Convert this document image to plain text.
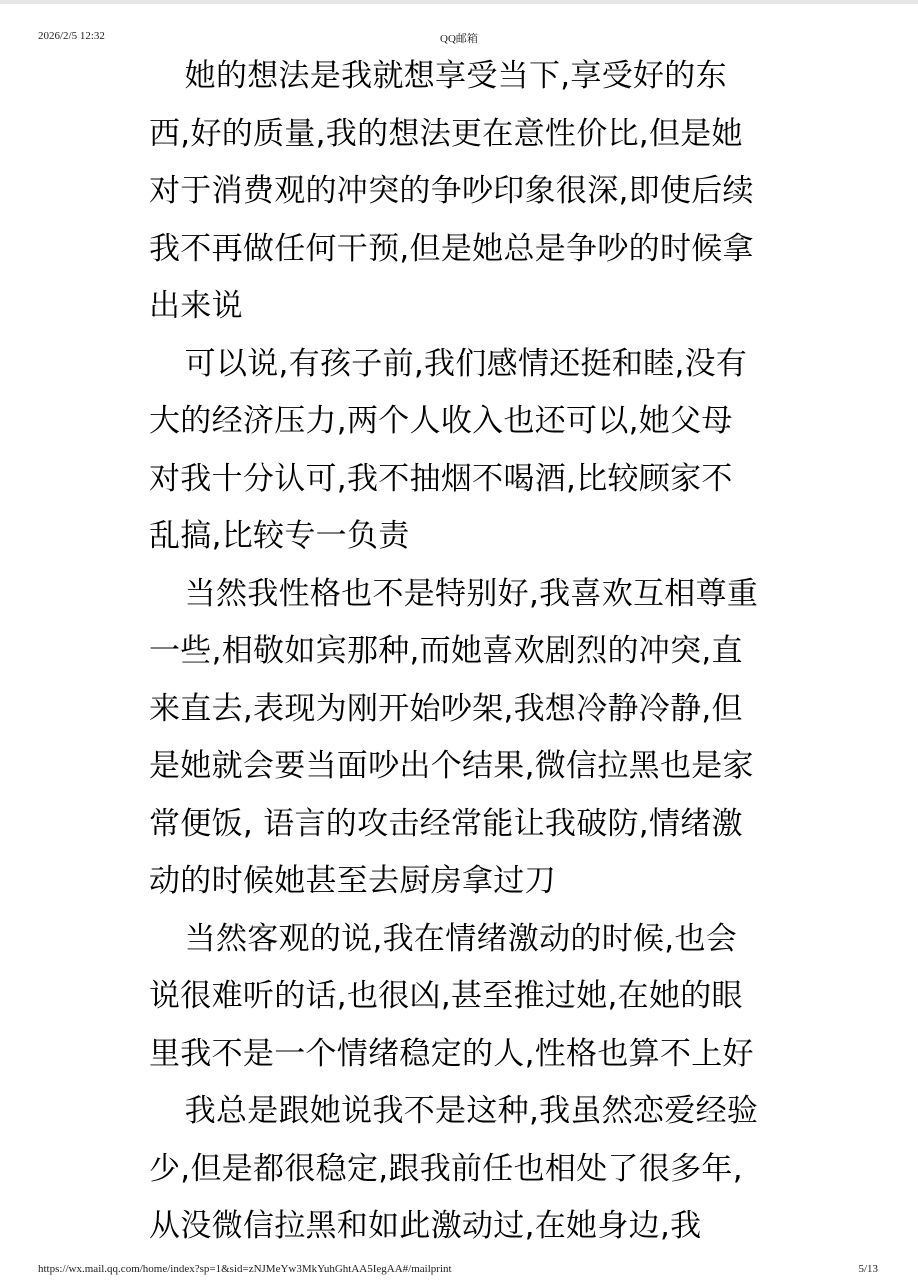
2026/2/5 12:32	QQ邮箱

她的想法是我就想享受当下,享受好的东西,好的质量,我的想法更在意性价比,但是她对于消费观的冲突的争吵印象很深,即使后续我不再做任何干预,但是她总是争吵的时候拿出来说

可以说,有孩子前,我们感情还挺和睦,没有大的经济压力,两个人收入也还可以,她父母对我十分认可,我不抽烟不喝酒,比较顾家不乱搞,比较专一负责

当然我性格也不是特别好,我喜欢互相尊重一些,相敬如宾那种,而她喜欢剧烈的冲突,直来直去,表现为刚开始吵架,我想冷静冷静,但是她就会要当面吵出个结果,微信拉黑也是家常便饭, 语言的攻击经常能让我破防,情绪激动的时候她甚至去厨房拿过刀

当然客观的说,我在情绪激动的时候,也会说很难听的话,也很凶,甚至推过她,在她的眼里我不是一个情绪稳定的人,性格也算不上好

我总是跟她说我不是这种,我虽然恋爱经验少,但是都很稳定,跟我前任也相处了很多年,从没微信拉黑和如此激动过,在她身边,我

https://wx.mail.qq.com/home/index?sp=1&sid=zNJMeYw3MkYuhGhtAA5IegAA#/mailprint	5/13
